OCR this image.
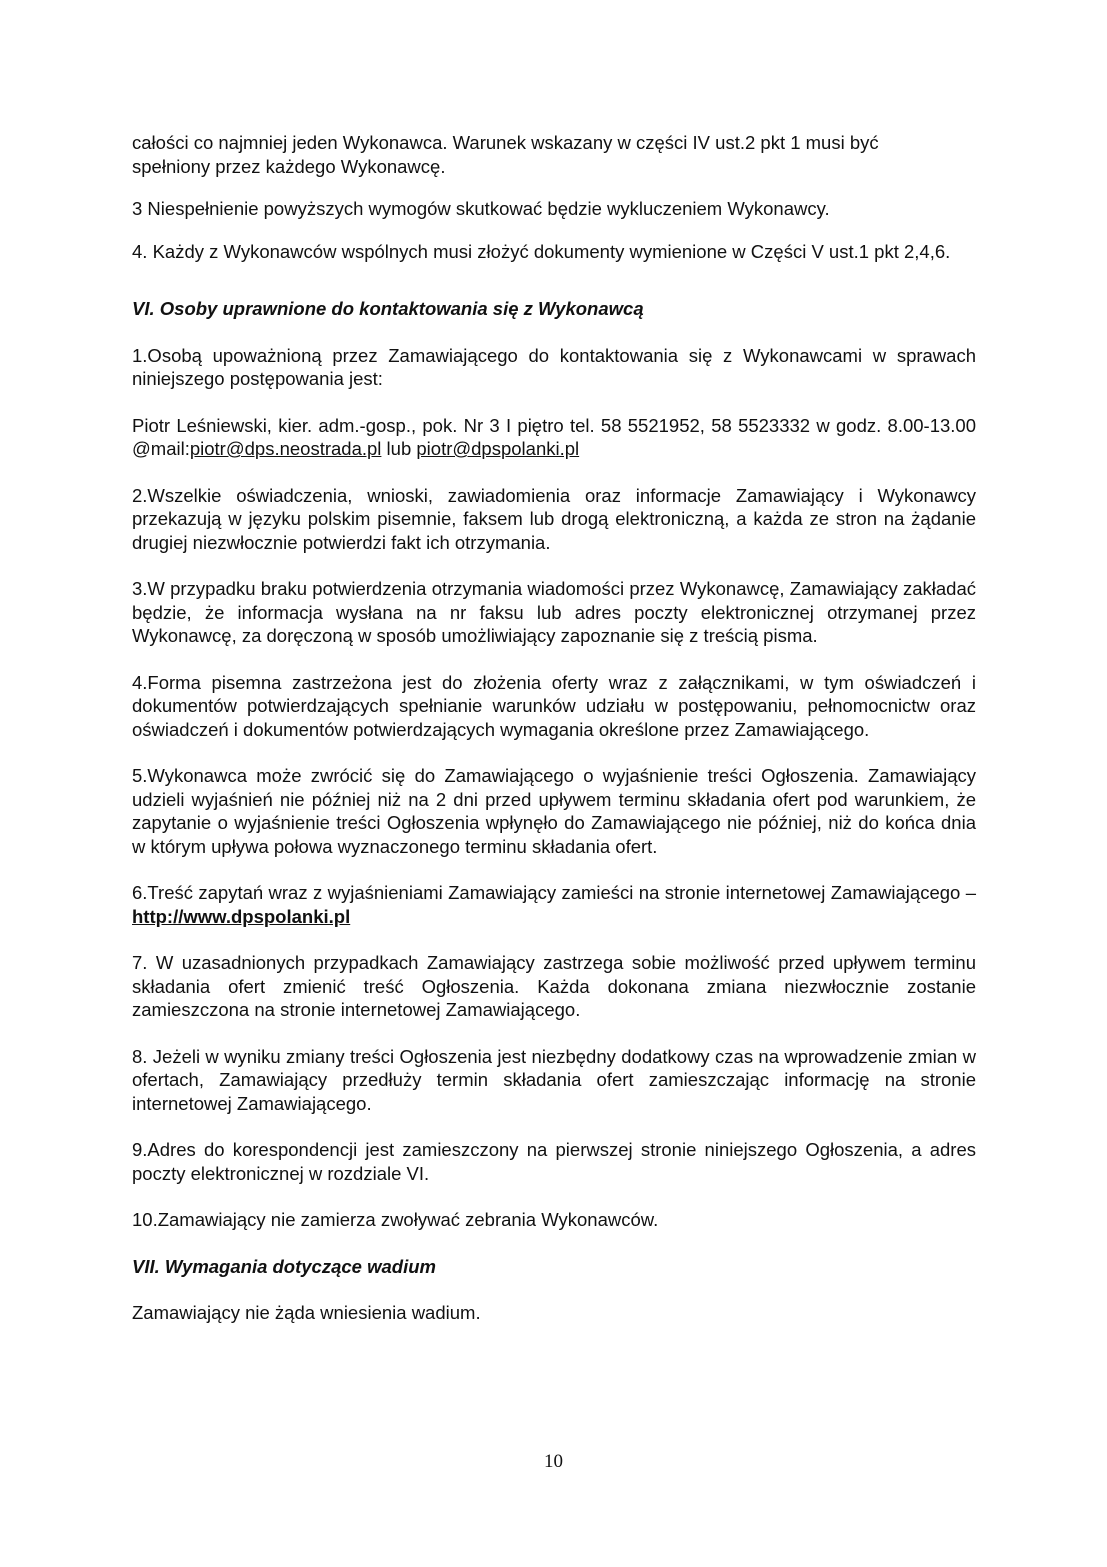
całości co najmniej jeden Wykonawca. Warunek wskazany w części IV ust.2 pkt 1 musi być
spełniony przez każdego Wykonawcę.

3 Niespełnienie powyższych wymogów skutkować będzie wykluczeniem Wykonawcy.

4. Każdy z Wykonawców wspólnych musi złożyć dokumenty wymienione w Części V ust.1 pkt 2,4,6.

VI. Osoby uprawnione do kontaktowania się z Wykonawcą

1.Osobą upoważnioną przez Zamawiającego do kontaktowania się z Wykonawcami w sprawach niniejszego postępowania jest:

Piotr Leśniewski, kier. adm.-gosp., pok. Nr 3 I piętro tel. 58 5521952, 58 5523332 w godz. 8.00-13.00 @mail:piotr@dps.neostrada.pl lub piotr@dpspolanki.pl

2.Wszelkie oświadczenia, wnioski, zawiadomienia oraz informacje Zamawiający i Wykonawcy przekazują w języku polskim pisemnie, faksem lub drogą elektroniczną, a każda ze stron na żądanie drugiej niezwłocznie potwierdzi fakt ich otrzymania.

3.W przypadku braku potwierdzenia otrzymania wiadomości przez Wykonawcę, Zamawiający zakładać będzie, że informacja wysłana na nr faksu lub adres poczty elektronicznej otrzymanej przez Wykonawcę, za doręczoną w sposób umożliwiający zapoznanie się z treścią pisma.

4.Forma pisemna zastrzeżona jest do złożenia oferty wraz z załącznikami, w tym oświadczeń i dokumentów potwierdzających spełnianie warunków udziału w postępowaniu, pełnomocnictw oraz oświadczeń i dokumentów potwierdzających wymagania określone przez Zamawiającego.

5.Wykonawca może zwrócić się do Zamawiającego o wyjaśnienie treści Ogłoszenia. Zamawiający udzieli wyjaśnień nie później niż na 2 dni przed upływem terminu składania ofert pod warunkiem, że zapytanie o wyjaśnienie treści Ogłoszenia wpłynęło do Zamawiającego nie później, niż do końca dnia w którym upływa połowa wyznaczonego terminu składania ofert.

6.Treść zapytań wraz z wyjaśnieniami Zamawiający zamieści na stronie internetowej Zamawiającego – http://www.dpspolanki.pl

7. W uzasadnionych przypadkach Zamawiający zastrzega sobie możliwość przed upływem terminu składania ofert zmienić treść Ogłoszenia. Każda dokonana zmiana niezwłocznie zostanie zamieszczona na stronie internetowej Zamawiającego.

8. Jeżeli w wyniku zmiany treści Ogłoszenia jest niezbędny dodatkowy czas na wprowadzenie zmian w ofertach, Zamawiający przedłuży termin składania ofert zamieszczając informację na stronie internetowej Zamawiającego.

9.Adres do korespondencji jest zamieszczony na pierwszej stronie niniejszego Ogłoszenia, a adres poczty elektronicznej w rozdziale VI.

10.Zamawiający nie zamierza zwoływać zebrania Wykonawców.

VII. Wymagania dotyczące wadium

Zamawiający nie żąda wniesienia wadium.

10
